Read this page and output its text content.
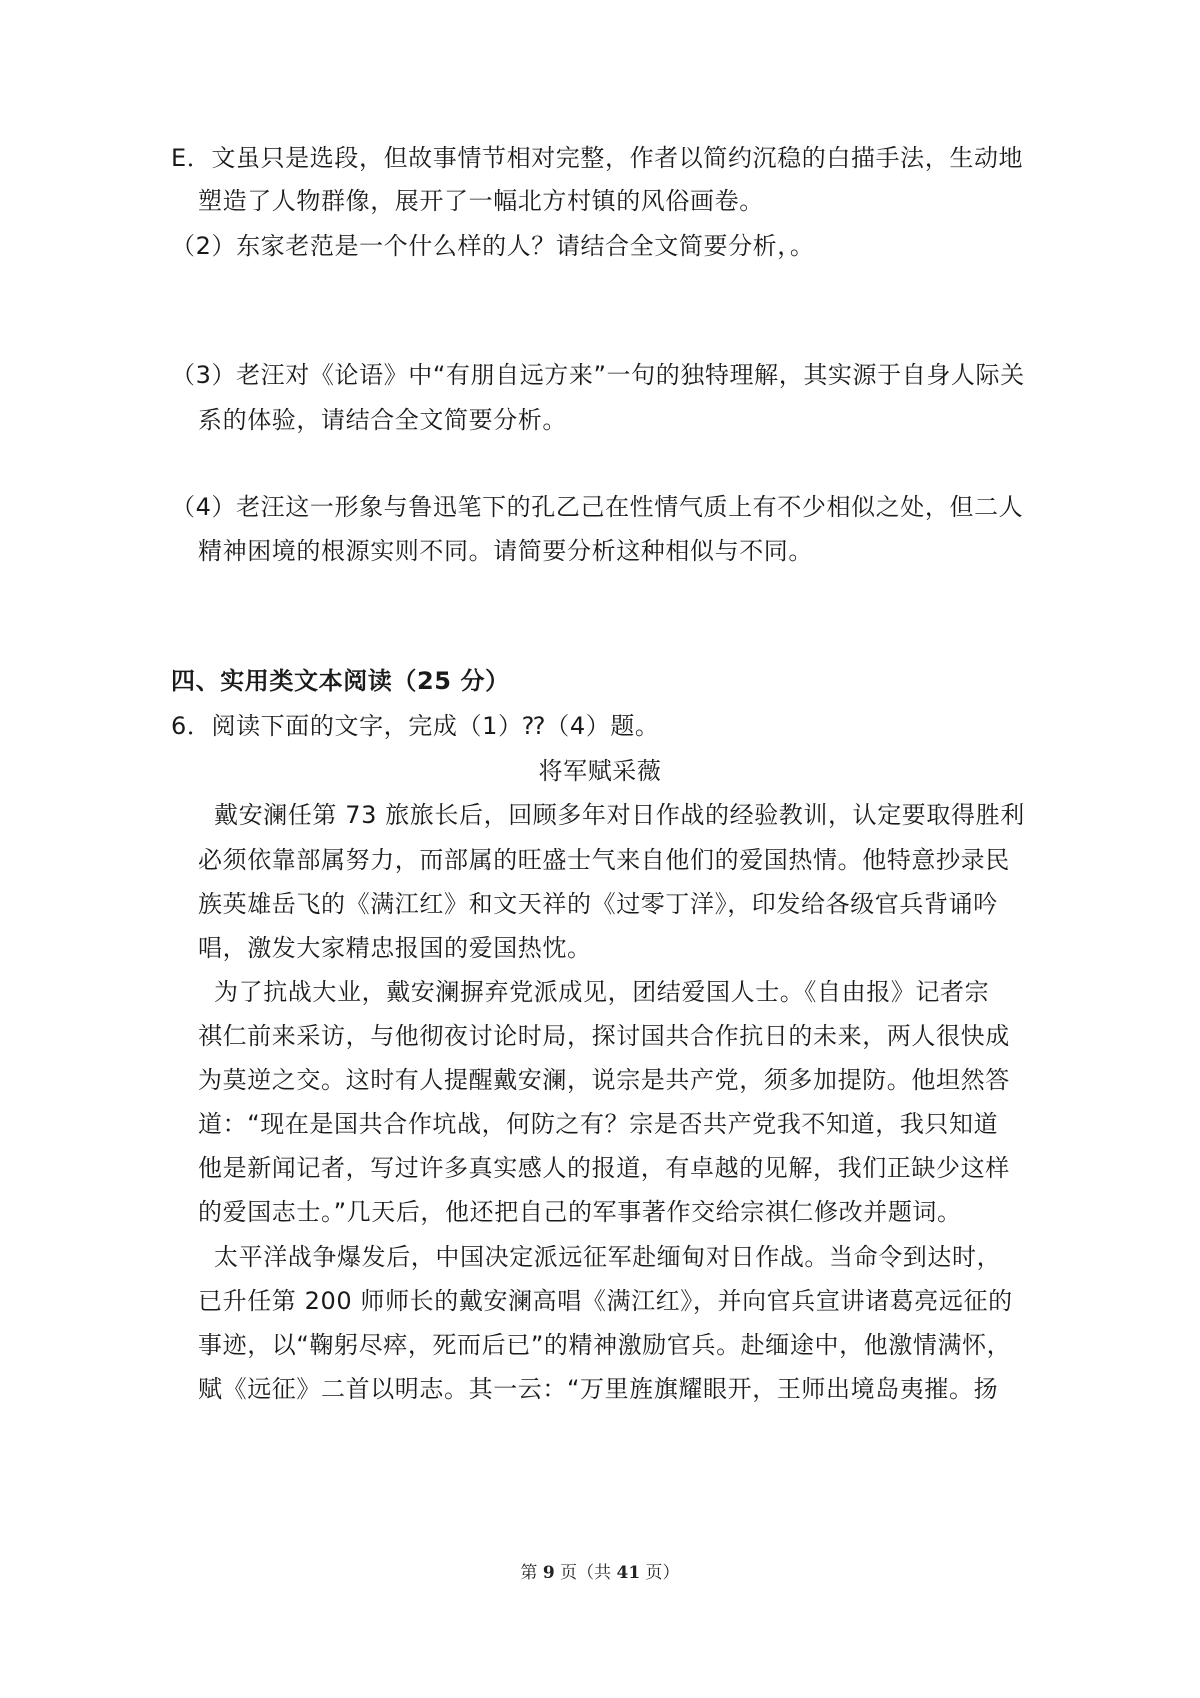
E．文虽只是选段，但故事情节相对完整，作者以简约沉稳的白描手法，生动地
塑造了人物群像，展开了一幅北方村镇的风俗画卷。
（2）东家老范是一个什么样的人？请结合全文简要分析，。
（3）老汪对《论语》中“有朋自远方来”一句的独特理解，其实源于自身人际关
系的体验，请结合全文简要分析。
（4）老汪这一形象与鲁迅笔下的孔乙己在性情气质上有不少相似之处，但二人
精神困境的根源实则不同。请简要分析这种相似与不同。
四、实用类文本阅读（25 分）
6．阅读下面的文字，完成（1）⁇（4）题。
将军赋采薇
戴安澜任第 73 旅旅长后，回顾多年对日作战的经验教训，认定要取得胜利
必须依靠部属努力，而部属的旺盛士气来自他们的爱国热情。他特意抄录民
族英雄岳飞的《满江红》和文天祥的《过零丁洋》，印发给各级官兵背诵吟
唱，激发大家精忠报国的爱国热忱。
为了抗战大业，戴安澜摒弃党派成见，团结爱国人士。《自由报》记者宗
祺仁前来采访，与他彻夜讨论时局，探讨国共合作抗日的未来，两人很快成
为莫逆之交。这时有人提醒戴安澜，说宗是共产党，须多加提防。他坦然答
道：“现在是国共合作坑战，何防之有？宗是否共产党我不知道，我只知道
他是新闻记者，写过许多真实感人的报道，有卓越的见解，我们正缺少这样
的爱国志士。”几天后，他还把自己的军事著作交给宗祺仁修改并题词。
太平洋战争爆发后，中国决定派远征军赴缅甸对日作战。当命令到达时，
已升任第 200 师师长的戴安澜高唱《满江红》，并向官兵宣讲诸葛亮远征的
事迹，以“鞠躬尽瘁，死而后已”的精神激励官兵。赴缅途中，他激情满怀，
赋《远征》二首以明志。其一云：“万里旌旗耀眼开，王师出境岛夷摧。扬
第 9 页（共 41 页）
